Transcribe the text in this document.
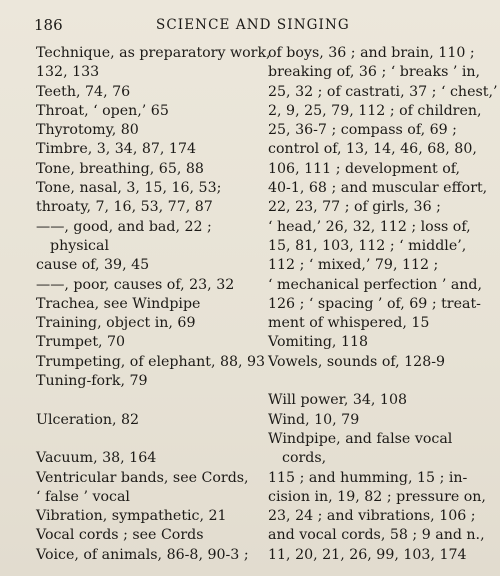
186	SCIENCE AND SINGING
Technique, as preparatory work,
132, 133
Teeth, 74, 76
Throat, ‘ open,’ 65
Thyrotomy, 80
Timbre, 3, 34, 87, 174
Tone, breathing, 65, 88
Tone, nasal, 3, 15, 16, 53;
throaty, 7, 16, 53, 77, 87
——, good, and bad, 22 ; physical
cause of, 39, 45
——, poor, causes of, 23, 32
Trachea, see Windpipe
Training, object in, 69
Trumpet, 70
Trumpeting, of elephant, 88, 93
Tuning-fork, 79
Ulceration, 82
Vacuum, 38, 164
Ventricular bands, see Cords,
‘ false ’ vocal
Vibration, sympathetic, 21
Vocal cords ; see Cords
Voice, of animals, 86-8, 90-3 ;
of boys, 36 ; and brain, 110 ;
breaking of, 36 ; ‘ breaks ’ in,
25, 32 ; of castrati, 37 ; ‘ chest,’
2, 9, 25, 79, 112 ; of children,
25, 36-7 ; compass of, 69 ;
control of, 13, 14, 46, 68, 80,
106, 111 ; development of,
40-1, 68 ; and muscular effort,
22, 23, 77 ; of girls, 36 ;
‘ head,’ 26, 32, 112 ; loss of,
15, 81, 103, 112 ; ‘ middle’,
112 ; ‘ mixed,’ 79, 112 ;
‘ mechanical perfection ’ and,
126 ; ‘ spacing ’ of, 69 ; treat-
ment of whispered, 15
Vomiting, 118
Vowels, sounds of, 128-9
Will power, 34, 108
Wind, 10, 79
Windpipe, and false vocal cords,
115 ; and humming, 15 ; in-
cision in, 19, 82 ; pressure on,
23, 24 ; and vibrations, 106 ;
and vocal cords, 58 ; 9 and n.,
11, 20, 21, 26, 99, 103, 174
